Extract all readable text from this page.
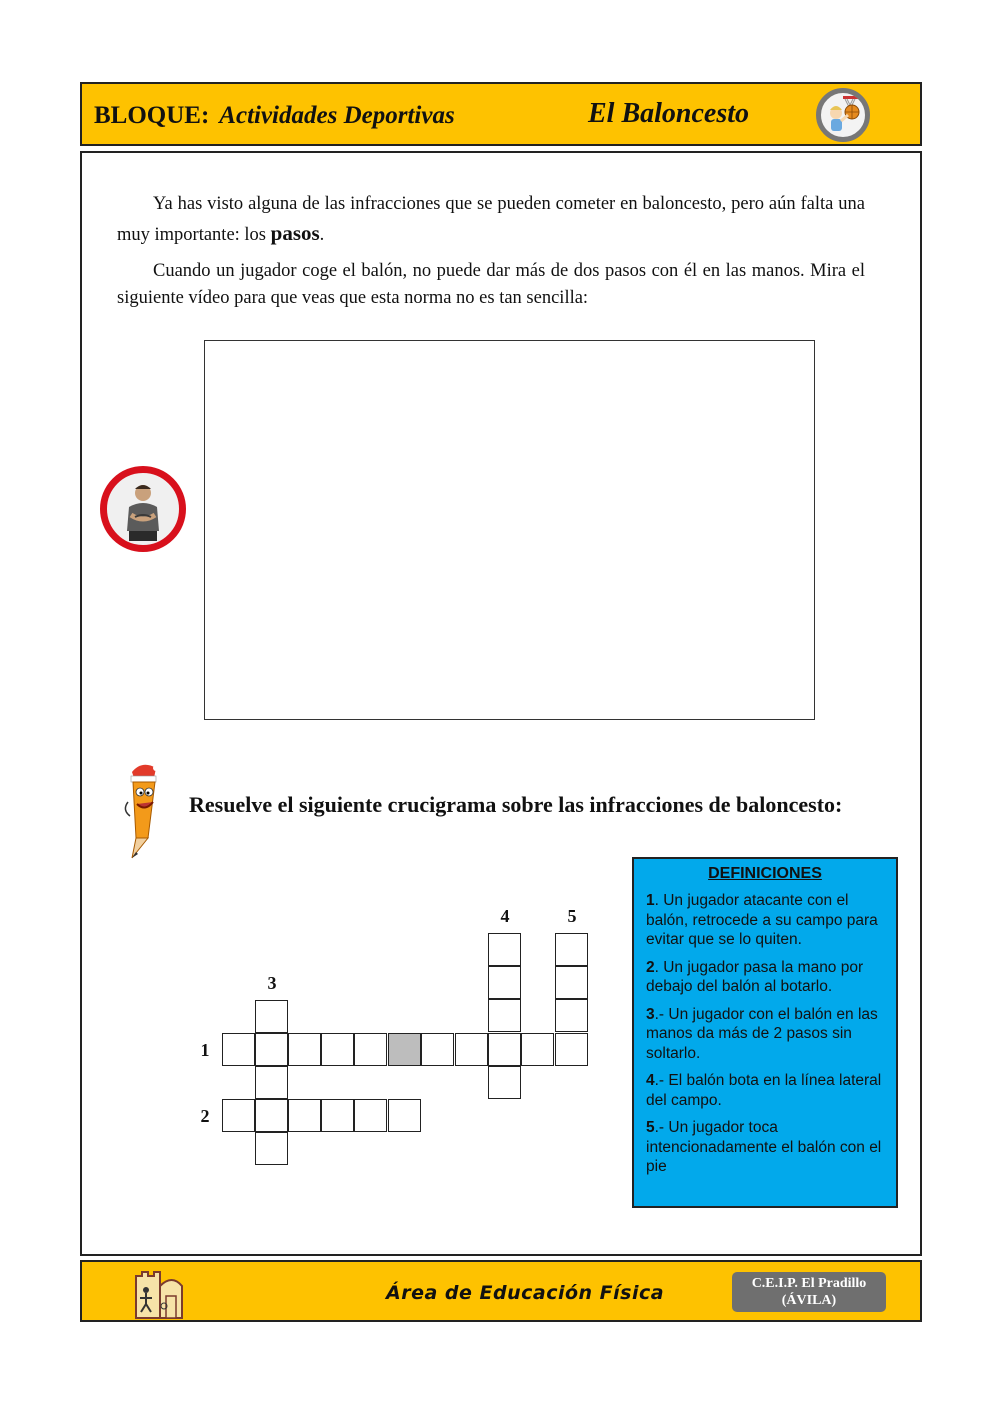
BLOQUE: Actividades Deportivas	El Baloncesto
Ya has visto alguna de las infracciones que se pueden cometer en baloncesto, pero aún falta una muy importante: los pasos.
Cuando un jugador coge el balón, no puede dar más de dos pasos con él en las manos. Mira el siguiente vídeo para que veas que esta norma no es tan sencilla:
Resuelve el siguiente crucigrama sobre las infracciones de baloncesto:
1
2
3
4	5
DEFINICIONES
1. Un jugador atacante con el balón, retrocede a su campo para evitar que se lo quiten.
2. Un jugador pasa la mano por debajo del balón al botarlo.
3.- Un jugador con el balón en las manos da más de 2 pasos sin soltarlo.
4.- El balón bota en la línea lateral del campo.
5.- Un jugador toca intencionadamente el balón con el pie
Área de Educación Física	C.E.I.P. El Pradillo
(ÁVILA)
